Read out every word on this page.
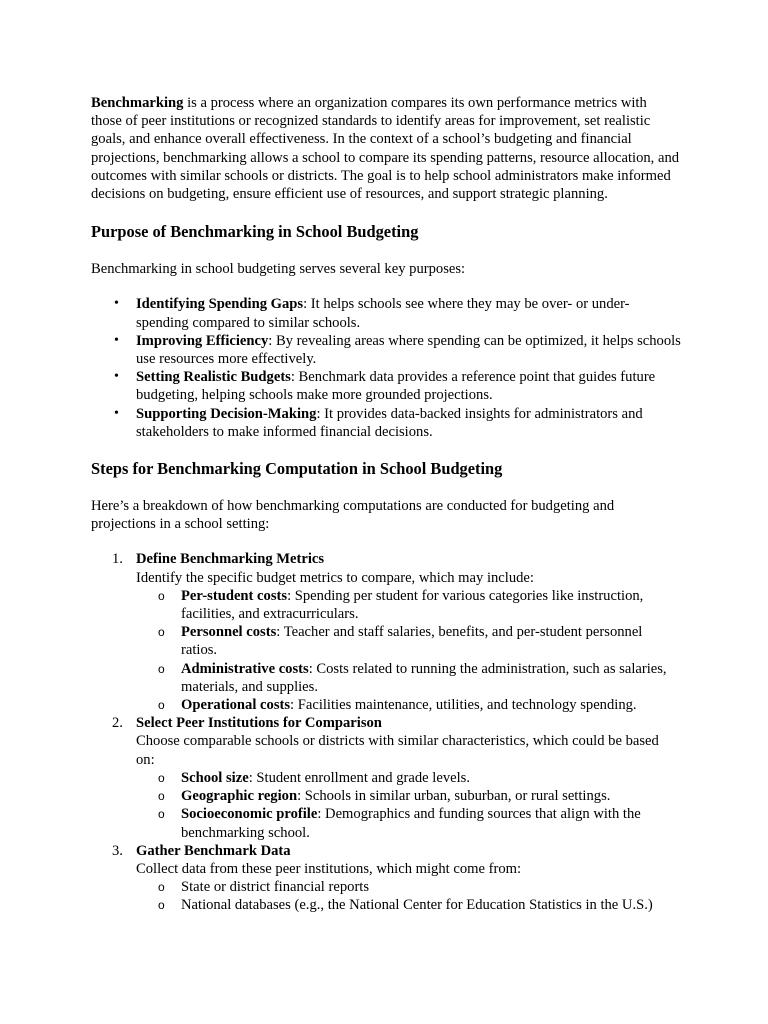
Benchmarking is a process where an organization compares its own performance metrics with those of peer institutions or recognized standards to identify areas for improvement, set realistic goals, and enhance overall effectiveness. In the context of a school’s budgeting and financial projections, benchmarking allows a school to compare its spending patterns, resource allocation, and outcomes with similar schools or districts. The goal is to help school administrators make informed decisions on budgeting, ensure efficient use of resources, and support strategic planning.

Purpose of Benchmarking in School Budgeting

Benchmarking in school budgeting serves several key purposes:

• Identifying Spending Gaps: It helps schools see where they may be over- or under-spending compared to similar schools.
• Improving Efficiency: By revealing areas where spending can be optimized, it helps schools use resources more effectively.
• Setting Realistic Budgets: Benchmark data provides a reference point that guides future budgeting, helping schools make more grounded projections.
• Supporting Decision-Making: It provides data-backed insights for administrators and stakeholders to make informed financial decisions.
Steps for Benchmarking Computation in School Budgeting

Here’s a breakdown of how benchmarking computations are conducted for budgeting and projections in a school setting:

1. Define Benchmarking Metrics
Identify the specific budget metrics to compare, which may include:
o Per-student costs: Spending per student for various categories like instruction, facilities, and extracurriculars.
o Personnel costs: Teacher and staff salaries, benefits, and per-student personnel ratios.
o Administrative costs: Costs related to running the administration, such as salaries, materials, and supplies.
o Operational costs: Facilities maintenance, utilities, and technology spending.
2. Select Peer Institutions for Comparison
Choose comparable schools or districts with similar characteristics, which could be based on:
o School size: Student enrollment and grade levels.
o Geographic region: Schools in similar urban, suburban, or rural settings.
o Socioeconomic profile: Demographics and funding sources that align with the benchmarking school.
3. Gather Benchmark Data
Collect data from these peer institutions, which might come from:
o State or district financial reports
o National databases (e.g., the National Center for Education Statistics in the U.S.)
